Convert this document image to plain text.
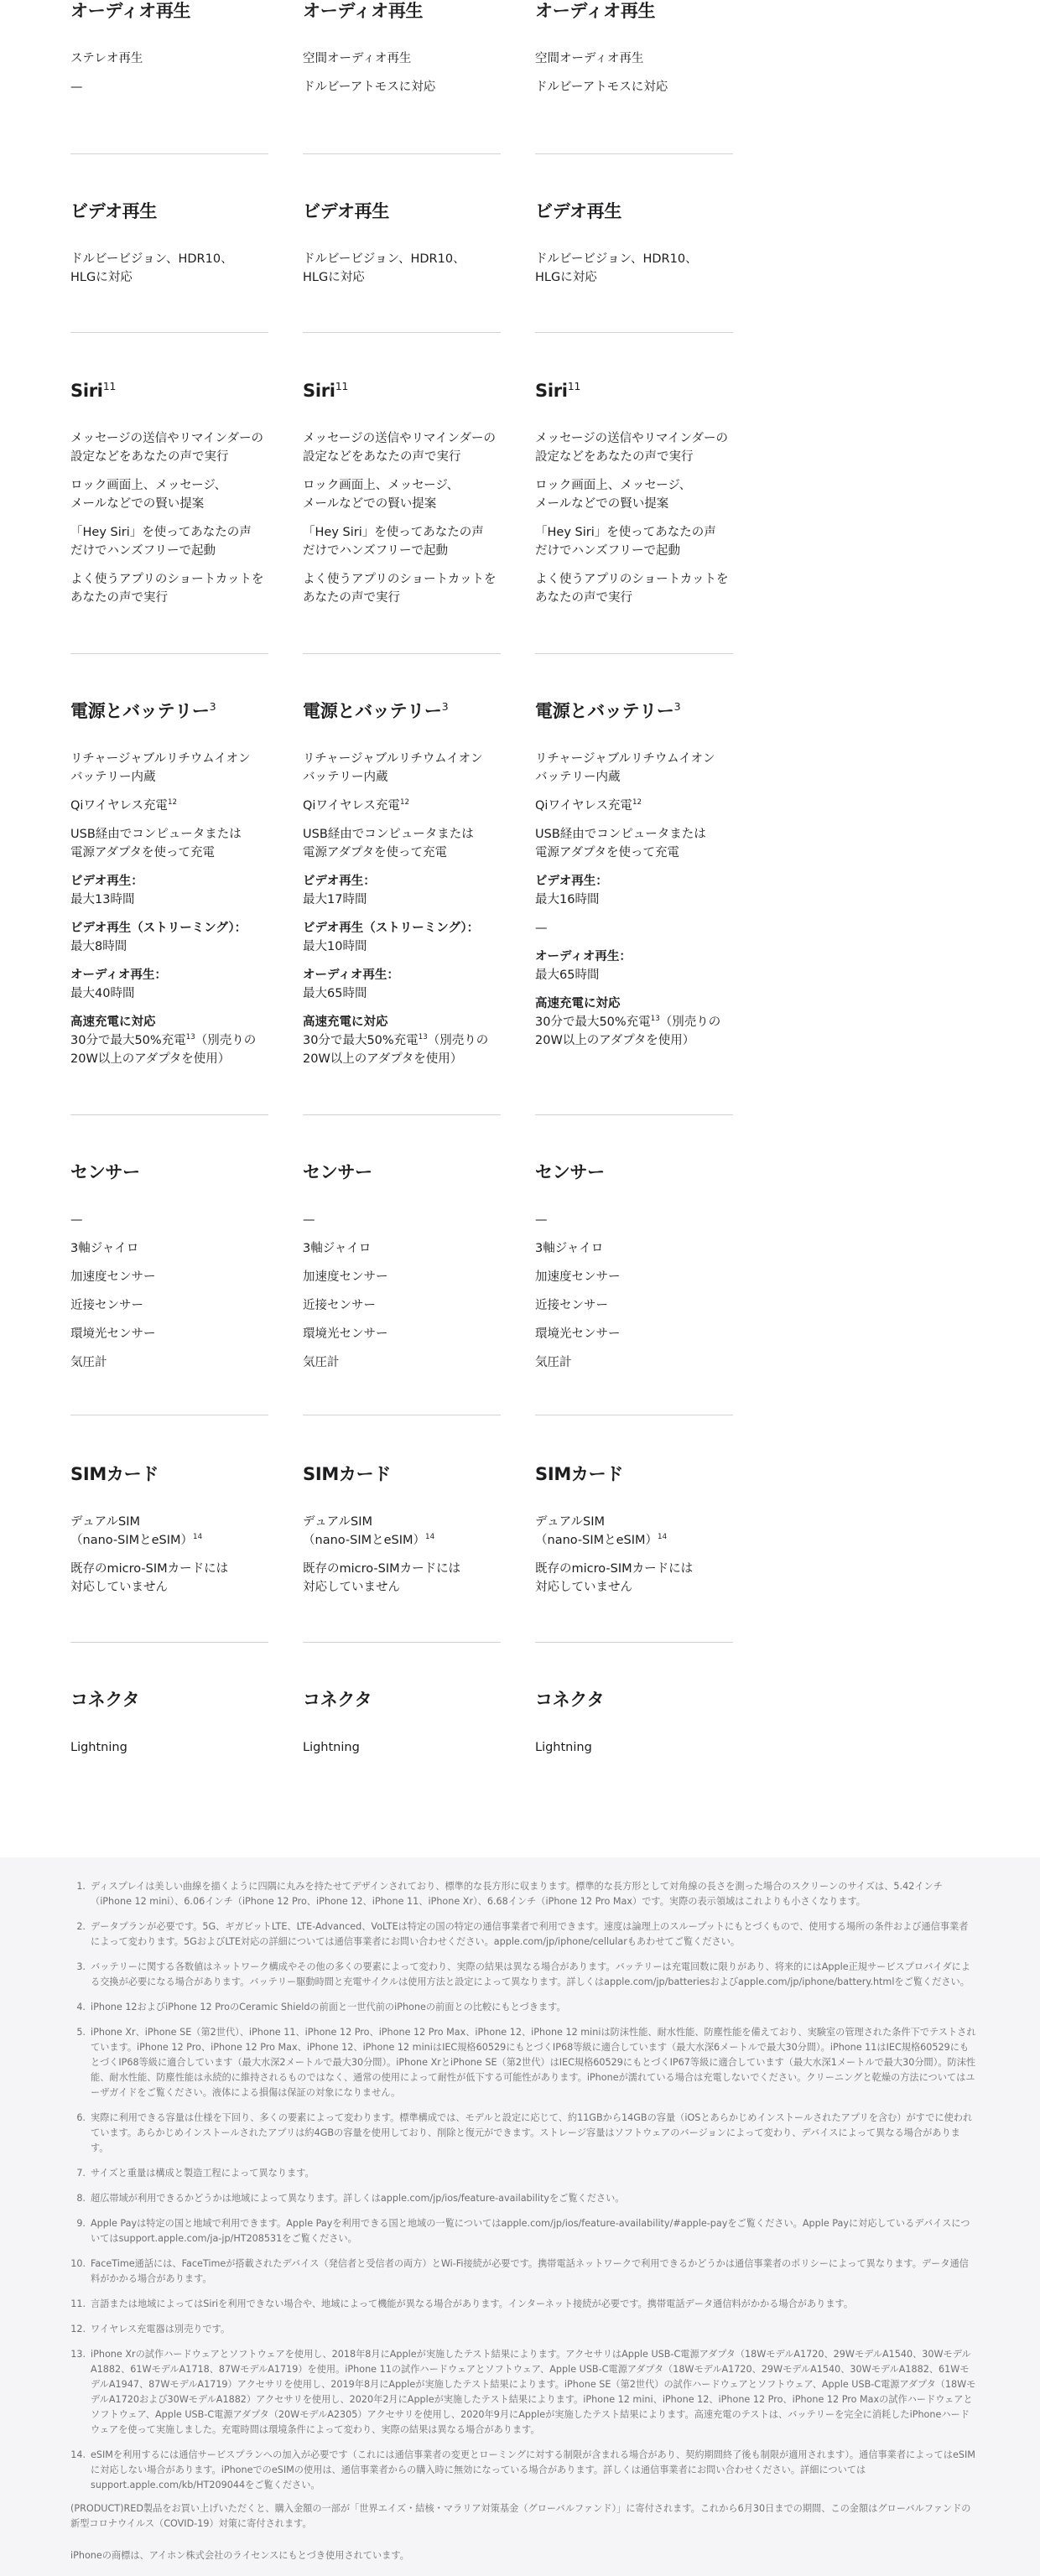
オーディオ再生
ステレオ再生
—
オーディオ再生
空間オーディオ再生
ドルビーアトモスに対応
オーディオ再生
空間オーディオ再生
ドルビーアトモスに対応
ビデオ再生
ドルビービジョン、HDR10、
HLGに対応
ビデオ再生
ドルビービジョン、HDR10、
HLGに対応
ビデオ再生
ドルビービジョン、HDR10、
HLGに対応
Siri$^{11}$
メッセージの送信やリマインダーの
設定などをあなたの声で実行
ロック画面上、メッセージ、
メールなどでの賢い提案
「Hey Siri」を使ってあなたの声
だけでハンズフリーで起動
よく使うアプリのショートカットを
あなたの声で実行
Siri$^{11}$
メッセージの送信やリマインダーの
設定などをあなたの声で実行
ロック画面上、メッセージ、
メールなどでの賢い提案
「Hey Siri」を使ってあなたの声
だけでハンズフリーで起動
よく使うアプリのショートカットを
あなたの声で実行
Siri$^{11}$
メッセージの送信やリマインダーの
設定などをあなたの声で実行
ロック画面上、メッセージ、
メールなどでの賢い提案
「Hey Siri」を使ってあなたの声
だけでハンズフリーで起動
よく使うアプリのショートカットを
あなたの声で実行
電源とバッテリー$^3$
リチャージャブルリチウムイオン
バッテリー内蔵
Qiワイヤレス充電$^{12}$
USB経由でコンピュータまたは
電源アダプタを使って充電
ビデオ再生：
最大13時間
ビデオ再生（ストリーミング）：
最大8時間
オーディオ再生：
最大40時間
高速充電に対応
30分で最大50%充電$^{13}$（別売りの
20W以上のアダプタを使用）
電源とバッテリー$^3$
リチャージャブルリチウムイオン
バッテリー内蔵
Qiワイヤレス充電$^{12}$
USB経由でコンピュータまたは
電源アダプタを使って充電
ビデオ再生：
最大17時間
ビデオ再生（ストリーミング）：
最大10時間
オーディオ再生：
最大65時間
高速充電に対応
30分で最大50%充電$^{13}$（別売りの
20W以上のアダプタを使用）
電源とバッテリー$^3$
リチャージャブルリチウムイオン
バッテリー内蔵
Qiワイヤレス充電$^{12}$
USB経由でコンピュータまたは
電源アダプタを使って充電
ビデオ再生：
最大16時間
—
オーディオ再生：
最大65時間
高速充電に対応
30分で最大50%充電$^{13}$（別売りの
20W以上のアダプタを使用）
センサー
—
3軸ジャイロ
加速度センサー
近接センサー
環境光センサー
気圧計
センサー
—
3軸ジャイロ
加速度センサー
近接センサー
環境光センサー
気圧計
センサー
—
3軸ジャイロ
加速度センサー
近接センサー
環境光センサー
気圧計
SIMカード
デュアルSIM
（nano-SIMとeSIM）$^{14}$
既存のmicro-SIMカードには
対応していません
SIMカード
デュアルSIM
（nano-SIMとeSIM）$^{14}$
既存のmicro-SIMカードには
対応していません
SIMカード
デュアルSIM
（nano-SIMとeSIM）$^{14}$
既存のmicro-SIMカードには
対応していません
コネクタ
Lightning
コネクタ
Lightning
コネクタ
Lightning
1. ディスプレイは美しい曲線を描くように四隅に丸みを持たせてデザインされており、標準的な長方形に収まります。標準的な長方形として対角線の長さを測った場合のスクリーンのサイズは、5.42インチ（iPhone 12 mini）、6.06インチ（iPhone 12 Pro、iPhone 12、iPhone 11、iPhone Xr）、6.68インチ（iPhone 12 Pro Max）です。実際の表示領域はこれよりも小さくなります。
2. データプランが必要です。5G、ギガビットLTE、LTE-Advanced、VoLTEは特定の国の特定の通信事業者で利用できます。速度は論理上のスループットにもとづくもので、使用する場所の条件および通信事業者によって変わります。5GおよびLTE対応の詳細については通信事業者にお問い合わせください。apple.com/jp/iphone/cellularもあわせてご覧ください。
3. バッテリーに関する各数値はネットワーク構成やその他の多くの要素によって変わり、実際の結果は異なる場合があります。バッテリーは充電回数に限りがあり、将来的にはApple正規サービスプロバイダによる交換が必要になる場合があります。バッテリー駆動時間と充電サイクルは使用方法と設定によって異なります。詳しくはapple.com/jp/batteriesおよびapple.com/jp/iphone/battery.htmlをご覧ください。
4. iPhone 12およびiPhone 12 ProのCeramic Shieldの前面と一世代前のiPhoneの前面との比較にもとづきます。
5. iPhone Xr、iPhone SE（第2世代）、iPhone 11、iPhone 12 Pro、iPhone 12 Pro Max、iPhone 12、iPhone 12 miniは防沫性能、耐水性能、防塵性能を備えており、実験室の管理された条件下でテストされています。iPhone 12 Pro、iPhone 12 Pro Max、iPhone 12、iPhone 12 miniはIEC規格60529にもとづくIP68等級に適合しています（最大水深6メートルで最大30分間）。iPhone 11はIEC規格60529にもとづくIP68等級に適合しています（最大水深2メートルで最大30分間）。iPhone XrとiPhone SE（第2世代）はIEC規格60529にもとづくIP67等級に適合しています（最大水深1メートルで最大30分間）。防沫性能、耐水性能、防塵性能は永続的に維持されるものではなく、通常の使用によって耐性が低下する可能性があります。iPhoneが濡れている場合は充電しないでください。クリーニングと乾燥の方法についてはユーザガイドをご覧ください。液体による損傷は保証の対象になりません。
6. 実際に利用できる容量は仕様を下回り、多くの要素によって変わります。標準構成では、モデルと設定に応じて、約11GBから14GBの容量（iOSとあらかじめインストールされたアプリを含む）がすでに使われています。あらかじめインストールされたアプリは約4GBの容量を使用しており、削除と復元ができます。ストレージ容量はソフトウェアのバージョンによって変わり、デバイスによって異なる場合があります。
7. サイズと重量は構成と製造工程によって異なります。
8. 超広帯域が利用できるかどうかは地域によって異なります。詳しくはapple.com/jp/ios/feature-availabilityをご覧ください。
9. Apple Payは特定の国と地域で利用できます。Apple Payを利用できる国と地域の一覧についてはapple.com/jp/ios/feature-availability/#apple-payをご覧ください。Apple Payに対応しているデバイスについてはsupport.apple.com/ja-jp/HT208531をご覧ください。
10. FaceTime通話には、FaceTimeが搭載されたデバイス（発信者と受信者の両方）とWi-Fi接続が必要です。携帯電話ネットワークで利用できるかどうかは通信事業者のポリシーによって異なります。データ通信料がかかる場合があります。
11. 言語または地域によってはSiriを利用できない場合や、地域によって機能が異なる場合があります。インターネット接続が必要です。携帯電話データ通信料がかかる場合があります。
12. ワイヤレス充電器は別売りです。
13. iPhone Xrの試作ハードウェアとソフトウェアを使用し、2018年8月にAppleが実施したテスト結果によります。アクセサリはApple USB-C電源アダプタ（18WモデルA1720、29WモデルA1540、30WモデルA1882、61WモデルA1718、87WモデルA1719）を使用。iPhone 11の試作ハードウェアとソフトウェア、Apple USB-C電源アダプタ（18WモデルA1720、29WモデルA1540、30WモデルA1882、61WモデルA1947、87WモデルA1719）アクセサリを使用し、2019年8月にAppleが実施したテスト結果によります。iPhone SE（第2世代）の試作ハードウェアとソフトウェア、Apple USB-C電源アダプタ（18WモデルA1720および30WモデルA1882）アクセサリを使用し、2020年2月にAppleが実施したテスト結果によります。iPhone 12 mini、iPhone 12、iPhone 12 Pro、iPhone 12 Pro Maxの試作ハードウェアとソフトウェア、Apple USB-C電源アダプタ（20WモデルA2305）アクセサリを使用し、2020年9月にAppleが実施したテスト結果によります。高速充電のテストは、バッテリーを完全に消耗したiPhoneハードウェアを使って実施しました。充電時間は環境条件によって変わり、実際の結果は異なる場合があります。
14. eSIMを利用するには通信サービスプランへの加入が必要です（これには通信事業者の変更とローミングに対する制限が含まれる場合があり、契約期間終了後も制限が適用されます）。通信事業者によってはeSIMに対応しない場合があります。iPhoneでのeSIMの使用は、通信事業者からの購入時に無効になっている場合があります。詳しくは通信事業者にお問い合わせください。詳細についてはsupport.apple.com/kb/HT209044をご覧ください。
(PRODUCT)RED製品をお買い上げいただくと、購入金額の一部が「世界エイズ・結核・マラリア対策基金（グローバルファンド）」に寄付されます。これから6月30日までの期間、この金額はグローバルファンドの新型コロナウイルス（COVID-19）対策に寄付されます。
iPhoneの商標は、アイホン株式会社のライセンスにもとづき使用されています。
